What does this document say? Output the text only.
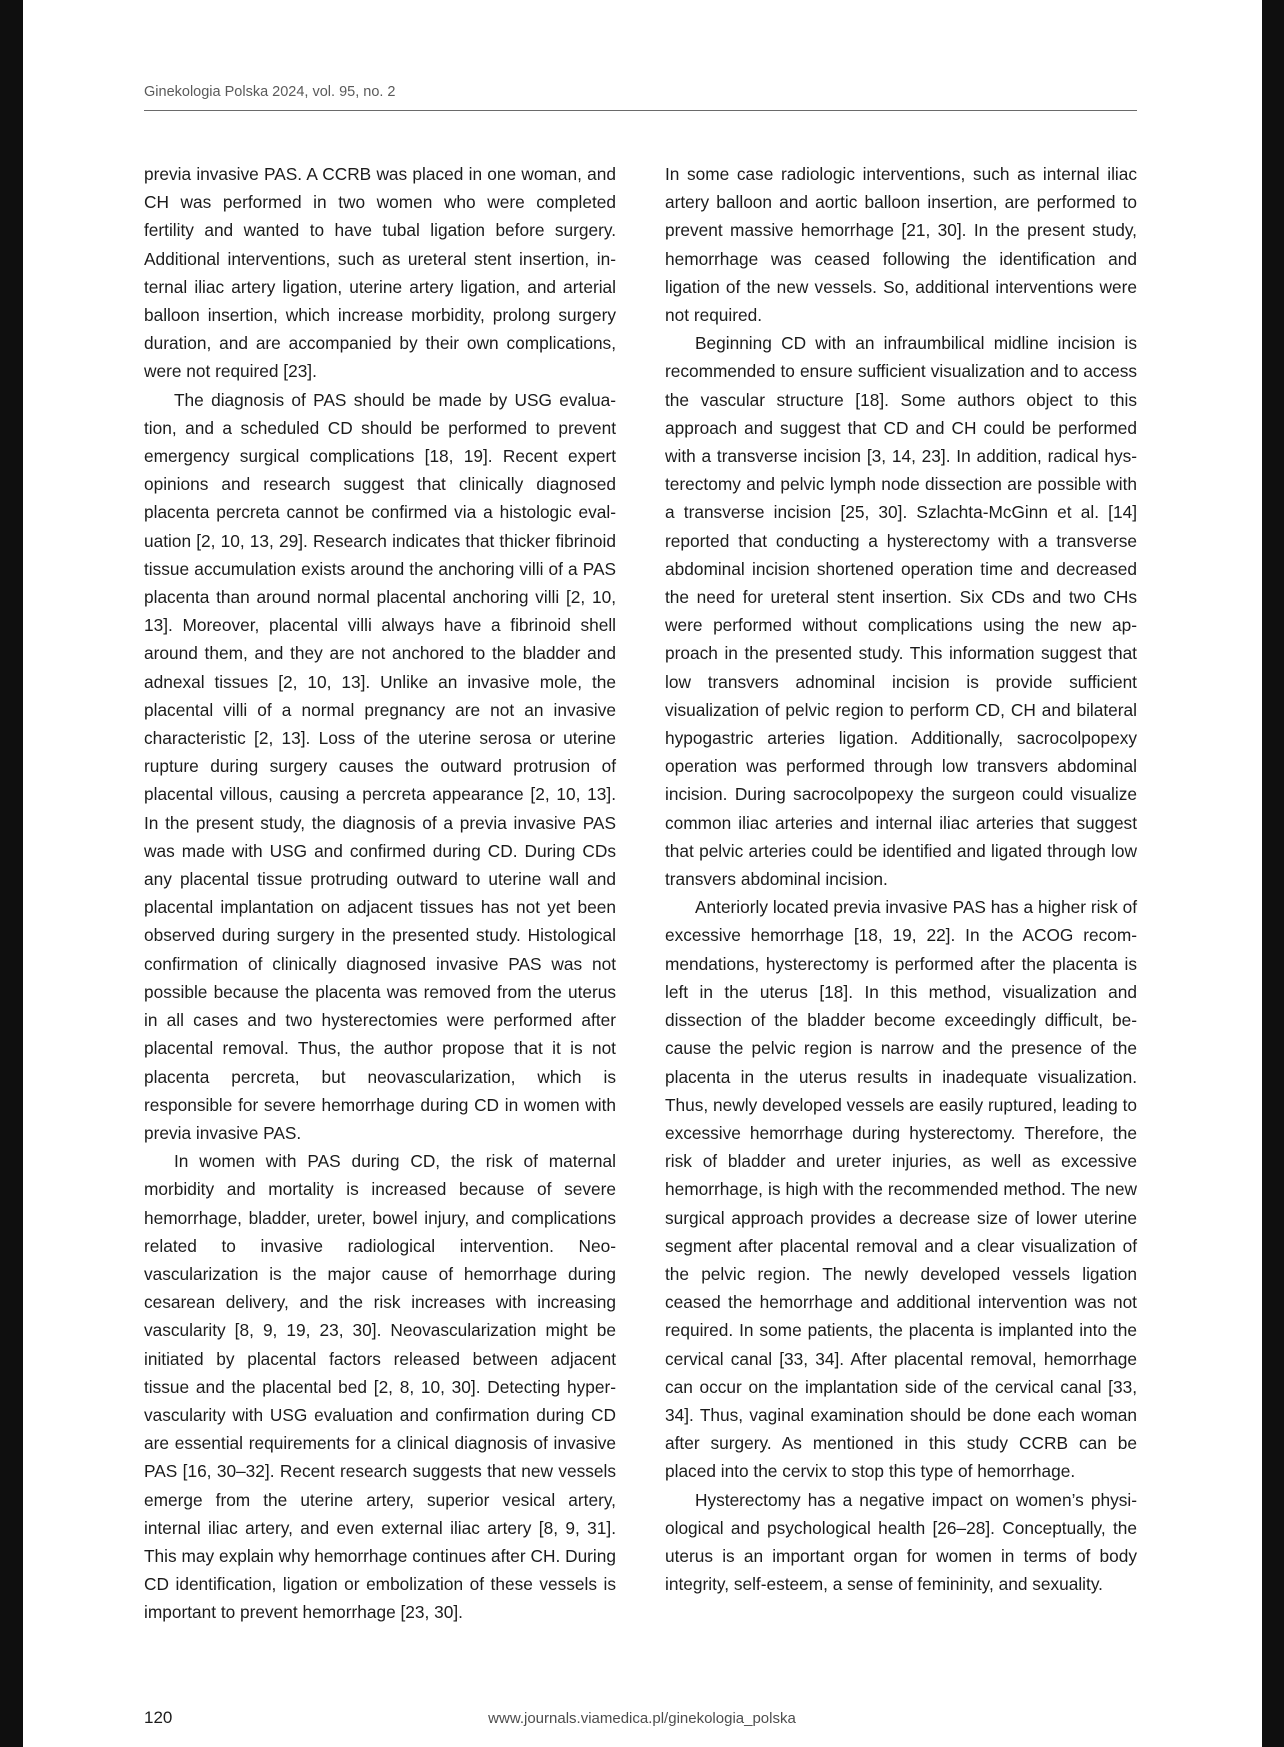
Ginekologia Polska 2024, vol. 95, no. 2

previa invasive PAS. A CCRB was placed in one woman, and CH was performed in two women who were completed fertility and wanted to have tubal ligation before surgery. Additional interventions, such as ureteral stent insertion, internal iliac artery ligation, uterine artery ligation, and arterial balloon insertion, which increase morbidity, prolong surgery duration, and are accompanied by their own complications, were not required [23].

The diagnosis of PAS should be made by USG evaluation, and a scheduled CD should be performed to prevent emergency surgical complications [18, 19]. Recent expert opinions and research suggest that clinically diagnosed placenta percreta cannot be confirmed via a histologic evaluation [2, 10, 13, 29]. Research indicates that thicker fibrinoid tissue accumulation exists around the anchoring villi of a PAS placenta than around normal placental anchoring villi [2, 10, 13]. Moreover, placental villi always have a fibrinoid shell around them, and they are not anchored to the bladder and adnexal tissues [2, 10, 13]. Unlike an invasive mole, the placental villi of a normal pregnancy are not an invasive characteristic [2, 13]. Loss of the uterine serosa or uterine rupture during surgery causes the outward protrusion of placental villous, causing a percreta appearance [2, 10, 13]. In the present study, the diagnosis of a previa invasive PAS was made with USG and confirmed during CD. During CDs any placental tissue protruding outward to uterine wall and placental implantation on adjacent tissues has not yet been observed during surgery in the presented study. Histological confirmation of clinically diagnosed invasive PAS was not possible because the placenta was removed from the uterus in all cases and two hysterectomies were performed after placental removal. Thus, the author propose that it is not placenta percreta, but neovascularization, which is responsible for severe hemorrhage during CD in women with previa invasive PAS.

In women with PAS during CD, the risk of maternal morbidity and mortality is increased because of severe hemorrhage, bladder, ureter, bowel injury, and complications related to invasive radiological intervention. Neovascularization is the major cause of hemorrhage during cesarean delivery, and the risk increases with increasing vascularity [8, 9, 19, 23, 30]. Neovascularization might be initiated by placental factors released between adjacent tissue and the placental bed [2, 8, 10, 30]. Detecting hypervascularity with USG evaluation and confirmation during CD are essential requirements for a clinical diagnosis of invasive PAS [16, 30–32]. Recent research suggests that new vessels emerge from the uterine artery, superior vesical artery, internal iliac artery, and even external iliac artery [8, 9, 31]. This may explain why hemorrhage continues after CH. During CD identification, ligation or embolization of these vessels is important to prevent hemorrhage [23, 30].

In some case radiologic interventions, such as internal iliac artery balloon and aortic balloon insertion, are performed to prevent massive hemorrhage [21, 30]. In the present study, hemorrhage was ceased following the identification and ligation of the new vessels. So, additional interventions were not required.

Beginning CD with an infraumbilical midline incision is recommended to ensure sufficient visualization and to access the vascular structure [18]. Some authors object to this approach and suggest that CD and CH could be performed with a transverse incision [3, 14, 23]. In addition, radical hysterectomy and pelvic lymph node dissection are possible with a transverse incision [25, 30]. Szlachta-McGinn et al. [14] reported that conducting a hysterectomy with a transverse abdominal incision shortened operation time and decreased the need for ureteral stent insertion. Six CDs and two CHs were performed without complications using the new approach in the presented study. This information suggest that low transvers adnominal incision is provide sufficient visualization of pelvic region to perform CD, CH and bilateral hypogastric arteries ligation. Additionally, sacrocolpopexy operation was performed through low transvers abdominal incision. During sacrocolpopexy the surgeon could visualize common iliac arteries and internal iliac arteries that suggest that pelvic arteries could be identified and ligated through low transvers abdominal incision.

Anteriorly located previa invasive PAS has a higher risk of excessive hemorrhage [18, 19, 22]. In the ACOG recommendations, hysterectomy is performed after the placenta is left in the uterus [18]. In this method, visualization and dissection of the bladder become exceedingly difficult, because the pelvic region is narrow and the presence of the placenta in the uterus results in inadequate visualization. Thus, newly developed vessels are easily ruptured, leading to excessive hemorrhage during hysterectomy. Therefore, the risk of bladder and ureter injuries, as well as excessive hemorrhage, is high with the recommended method. The new surgical approach provides a decrease size of lower uterine segment after placental removal and a clear visualization of the pelvic region. The newly developed vessels ligation ceased the hemorrhage and additional intervention was not required. In some patients, the placenta is implanted into the cervical canal [33, 34]. After placental removal, hemorrhage can occur on the implantation side of the cervical canal [33, 34]. Thus, vaginal examination should be done each woman after surgery. As mentioned in this study CCRB can be placed into the cervix to stop this type of hemorrhage.

Hysterectomy has a negative impact on women’s physiological and psychological health [26–28]. Conceptually, the uterus is an important organ for women in terms of body integrity, self-esteem, a sense of femininity, and sexuality.

120	www.journals.viamedica.pl/ginekologia_polska
